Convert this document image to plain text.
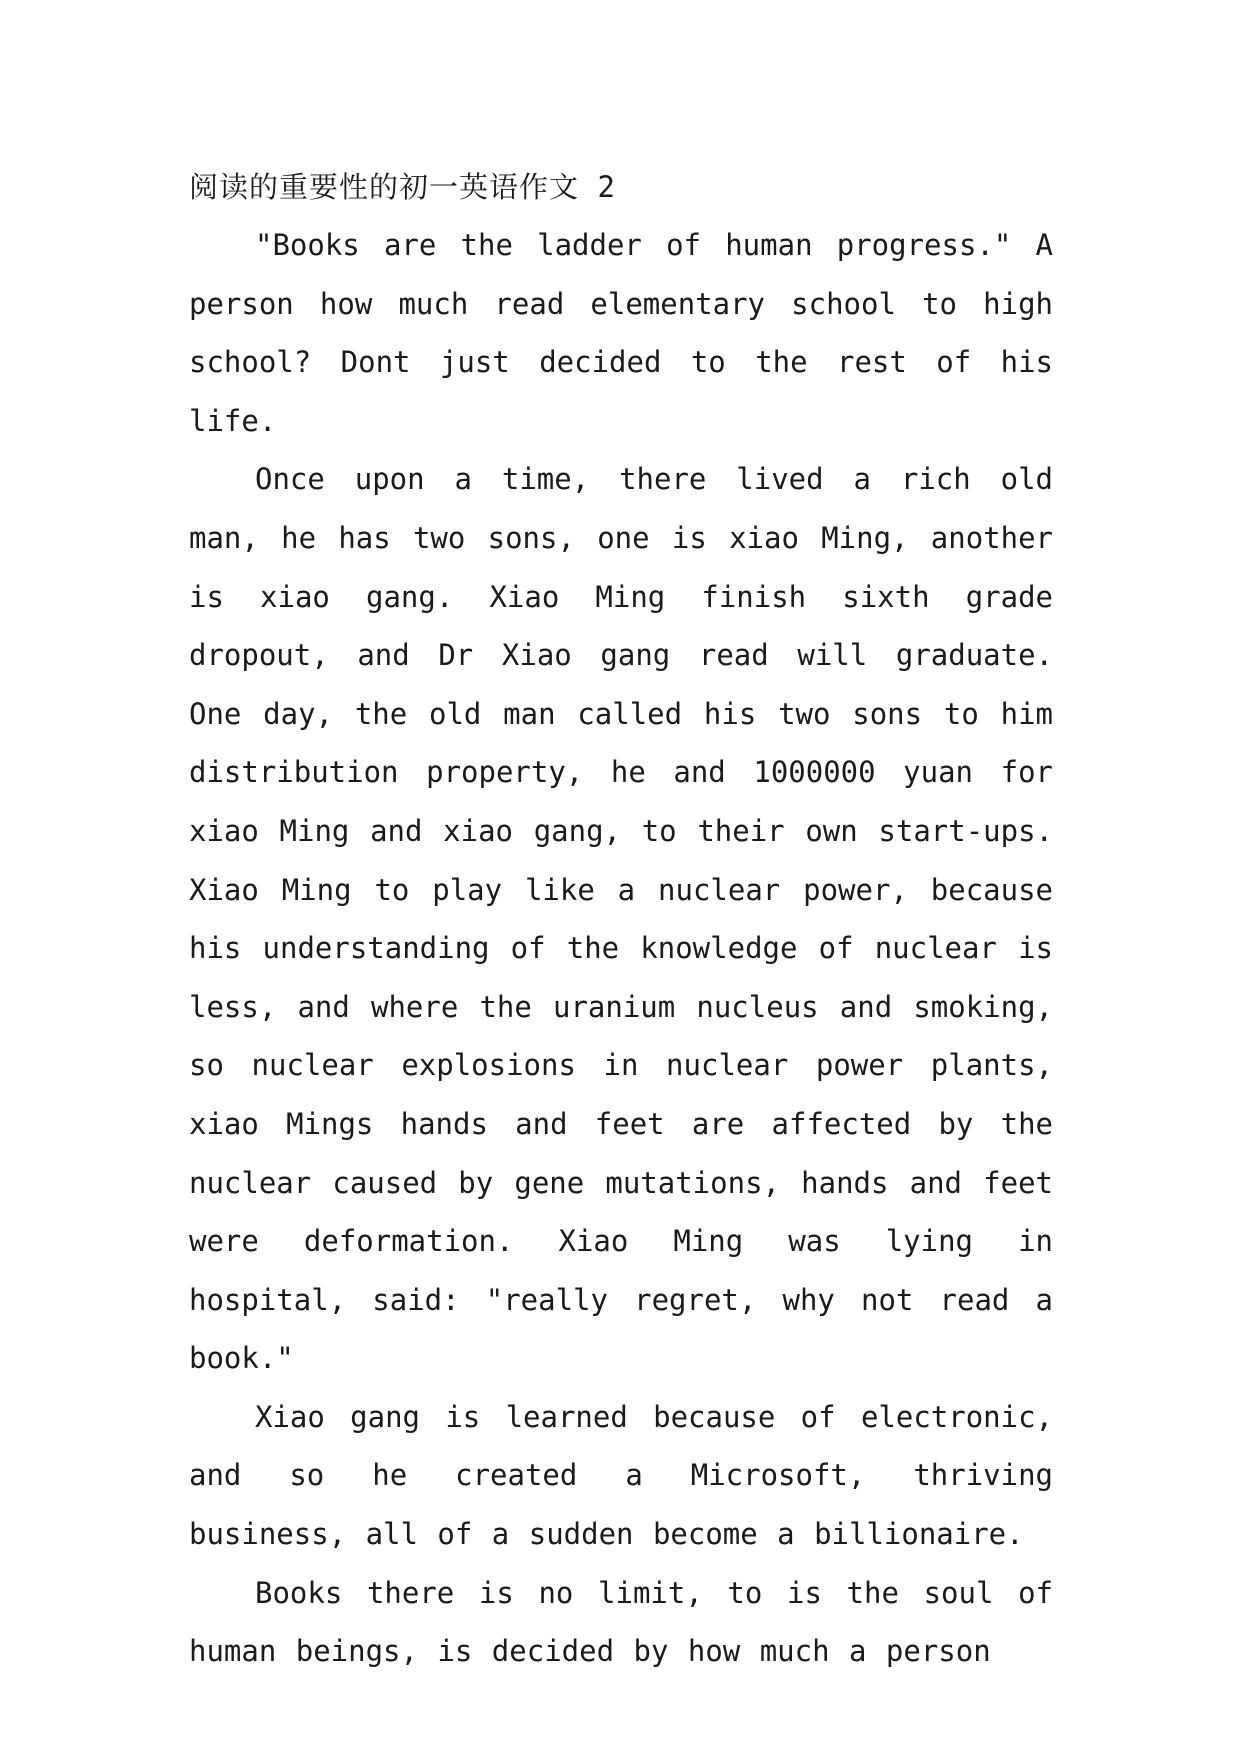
阅读的重要性的初一英语作文 2

"Books are the ladder of human progress." A person how much read elementary school to high school? Dont just decided to the rest of his life.

Once upon a time, there lived a rich old man, he has two sons, one is xiao Ming, another is xiao gang. Xiao Ming finish sixth grade dropout, and Dr Xiao gang read will graduate. One day, the old man called his two sons to him distribution property, he and 1000000 yuan for xiao Ming and xiao gang, to their own start-ups. Xiao Ming to play like a nuclear power, because his understanding of the knowledge of nuclear is less, and where the uranium nucleus and smoking, so nuclear explosions in nuclear power plants, xiao Mings hands and feet are affected by the nuclear caused by gene mutations, hands and feet were deformation. Xiao Ming was lying in hospital, said: "really regret, why not read a book."

Xiao gang is learned because of electronic, and so he created a Microsoft, thriving business, all of a sudden become a billionaire.

Books there is no limit, to is the soul of human beings, is decided by how much a person
